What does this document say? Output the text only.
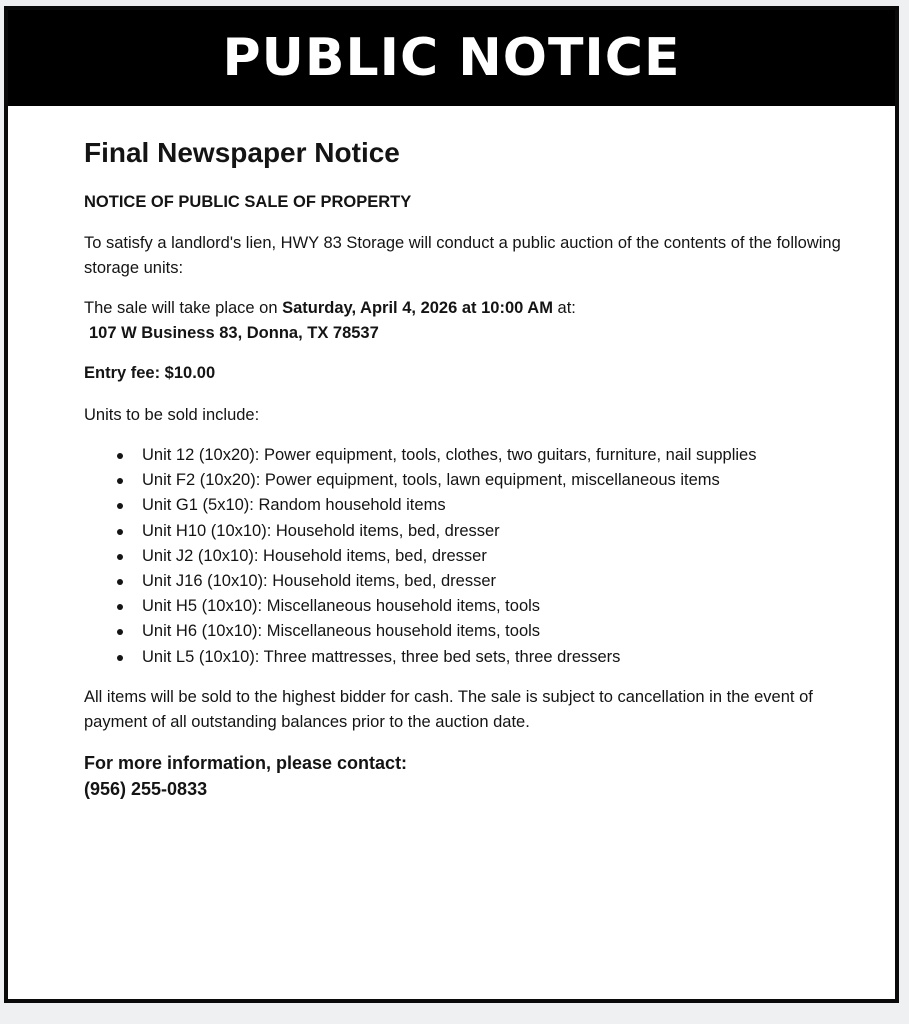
PUBLIC NOTICE
Final Newspaper Notice
NOTICE OF PUBLIC SALE OF PROPERTY

To satisfy a landlord's lien, HWY 83 Storage will conduct a public auction of the contents of the following storage units:

The sale will take place on Saturday, April 4, 2026 at 10:00 AM at:
107 W Business 83, Donna, TX 78537

Entry fee: $10.00

Units to be sold include:

Unit 12 (10x20): Power equipment, tools, clothes, two guitars, furniture, nail supplies
Unit F2 (10x20): Power equipment, tools, lawn equipment, miscellaneous items
Unit G1 (5x10): Random household items
Unit H10 (10x10): Household items, bed, dresser
Unit J2 (10x10): Household items, bed, dresser
Unit J16 (10x10): Household items, bed, dresser
Unit H5 (10x10): Miscellaneous household items, tools
Unit H6 (10x10): Miscellaneous household items, tools
Unit L5 (10x10): Three mattresses, three bed sets, three dressers

All items will be sold to the highest bidder for cash. The sale is subject to cancellation in the event of payment of all outstanding balances prior to the auction date.

For more information, please contact:
(956) 255-0833
